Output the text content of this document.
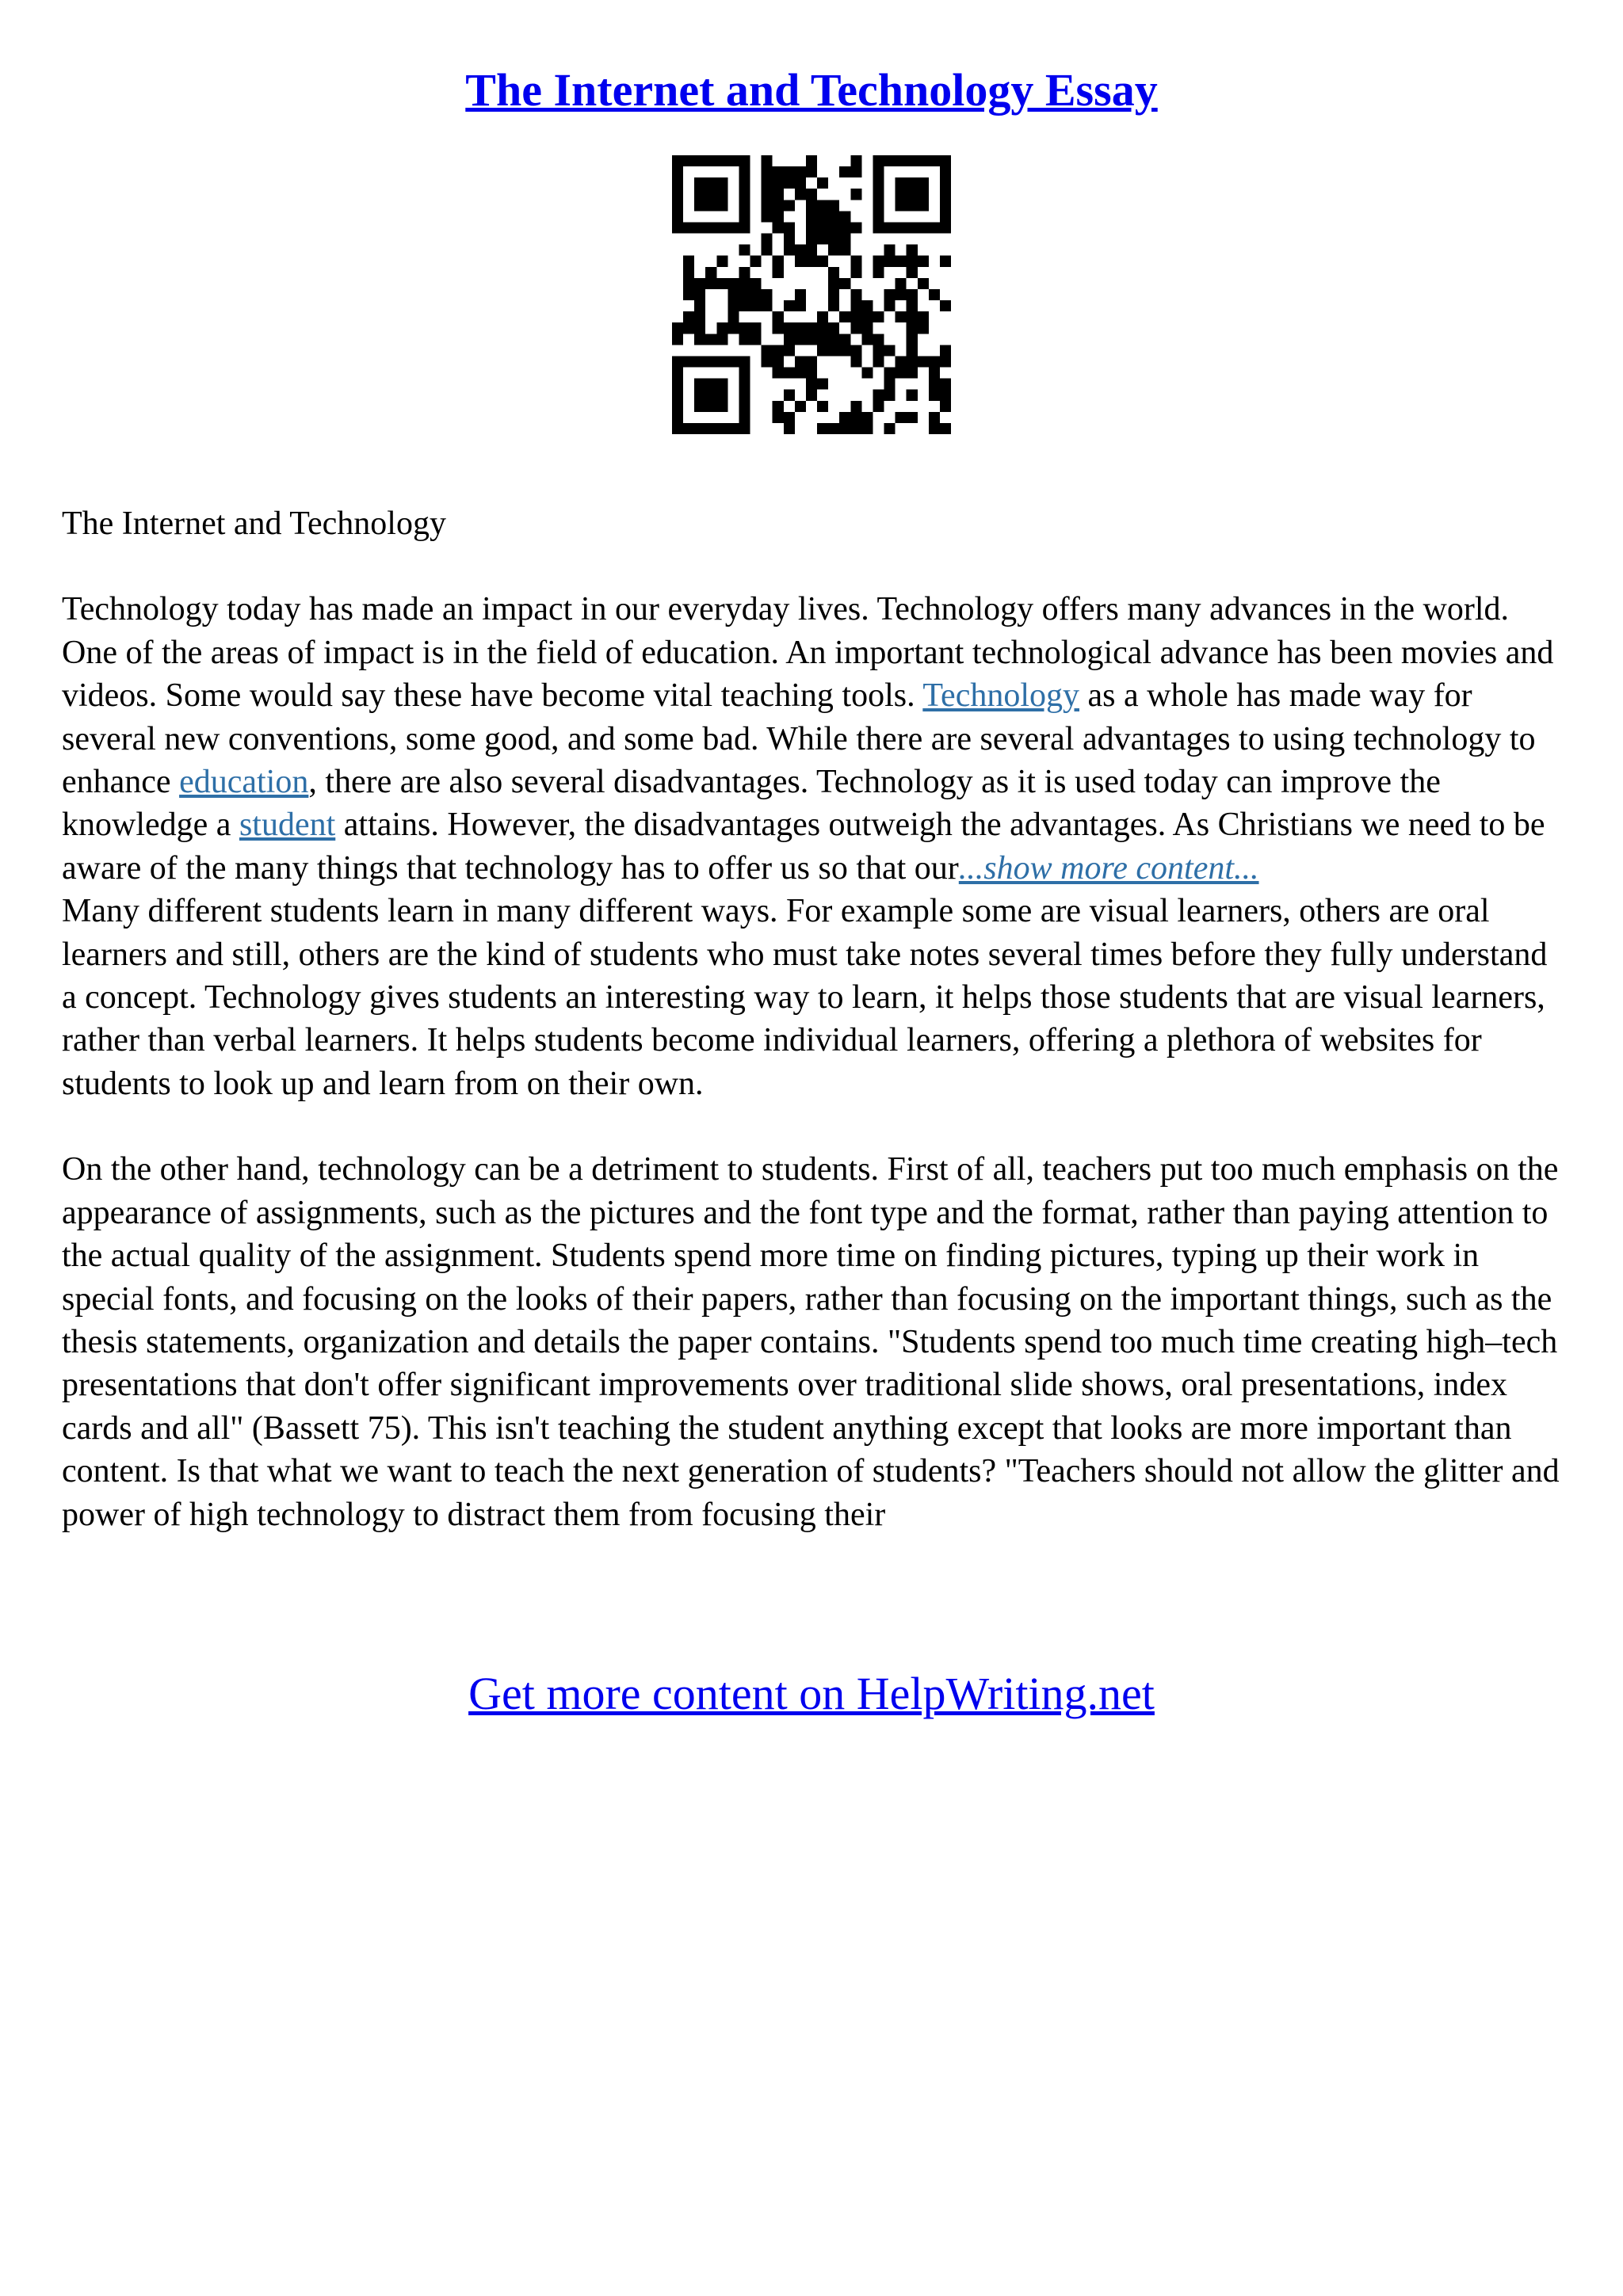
The Internet and Technology Essay

The Internet and Technology

Technology today has made an impact in our everyday lives. Technology offers many advances in the world. One of the areas of impact is in the field of education. An important technological advance has been movies and videos. Some would say these have become vital teaching tools. Technology as a whole has made way for several new conventions, some good, and some bad. While there are several advantages to using technology to enhance education, there are also several disadvantages. Technology as it is used today can improve the knowledge a student attains. However, the disadvantages outweigh the advantages. As Christians we need to be aware of the many things that technology has to offer us so that our...show more content...

Many different students learn in many different ways. For example some are visual learners, others are oral learners and still, others are the kind of students who must take notes several times before they fully understand a concept. Technology gives students an interesting way to learn, it helps those students that are visual learners, rather than verbal learners. It helps students become individual learners, offering a plethora of websites for students to look up and learn from on their own.

On the other hand, technology can be a detriment to students. First of all, teachers put too much emphasis on the appearance of assignments, such as the pictures and the font type and the format, rather than paying attention to the actual quality of the assignment. Students spend more time on finding pictures, typing up their work in special fonts, and focusing on the looks of their papers, rather than focusing on the important things, such as the thesis statements, organization and details the paper contains. "Students spend too much time creating high–tech presentations that don't offer significant improvements over traditional slide shows, oral presentations, index cards and all" (Bassett 75). This isn't teaching the student anything except that looks are more important than content. Is that what we want to teach the next generation of students? "Teachers should not allow the glitter and power of high technology to distract them from focusing their

Get more content on HelpWriting.net
